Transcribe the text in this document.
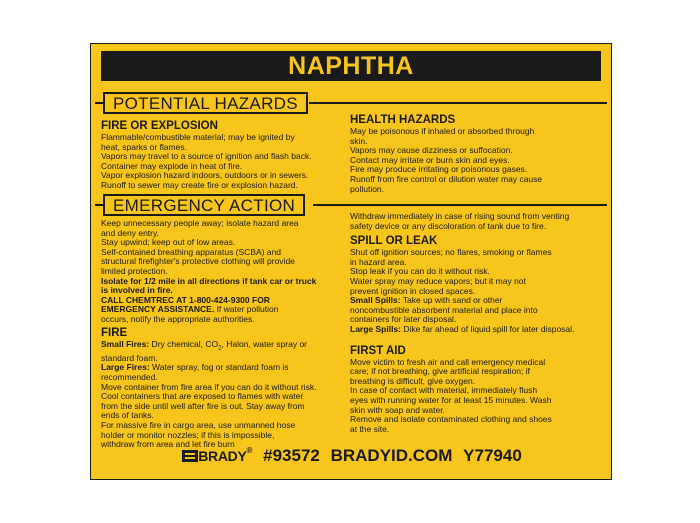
NAPHTHA
POTENTIAL HAZARDS

FIRE OR EXPLOSION

Flammable/combustible material; may be ignited by

heat, sparks or flames.

Vapors may travel to a source of ignition and flash back.

Container may explode in heat of fire.

Vapor explosion hazard indoors, outdoors or in sewers.

Runoff to sewer may create fire or explosion hazard.

HEALTH HAZARDS

May be poisonous if inhaled or absorbed through

skin.

Vapors may cause dizziness or suffocation.

Contact may irritate or burn skin and eyes.

Fire may produce irritating or poisonous gases.

Runoff from fire control or dilution water may cause

pollution.

EMERGENCY ACTION

Keep unnecessary people away; isolate hazard area

and deny entry.

Stay upwind; keep out of low areas.

Self-contained breathing apparatus (SCBA) and

structural firefighter's protective clothing will provide

limited protection.

Isolate for 1/2 mile in all directions if tank car or truck

is involved in fire.

CALL CHEMTREC AT 1-800-424-9300 FOR

EMERGENCY ASSISTANCE. If water pollution

occurs, notify the appropriate authorities.

FIRE

Small Fires: Dry chemical, $CO_2$, Halon, water spray or

standard foam.

Large Fires: Water spray, fog or standard foam is

recommended.

Move container from fire area if you can do it without risk.

Cool containers that are exposed to flames with water

from the side until well after fire is out. Stay away from

ends of tanks.

For massive fire in cargo area, use unmanned hose

holder or monitor nozzles; if this is impossible,

withdraw from area and let fire burn

Withdraw immediately in case of rising sound from venting

safety device or any discoloration of tank due to fire.

SPILL OR LEAK

Shut off ignition sources; no flares, smoking or flames

in hazard area.

Stop leak if you can do it without risk.

Water spray may reduce vapors; but it may not

prevent ignition in closed spaces.

Small Spills: Take up with sand or other

noncombustible absorbent material and place into

containers for later disposal.

Large Spills: Dike far ahead of liquid spill for later disposal.

FIRST AID

Move victim to fresh air and call emergency medical

care; if not breathing, give artificial respiration; if

breathing is difficult, give oxygen.

In case of contact with material, immediately flush

eyes with running water for at least 15 minutes. Wash

skin with soap and water.

Remove and isolate contaminated clothing and shoes

at the site.

BRADY® #93572 BRADYID.COM Y77940
